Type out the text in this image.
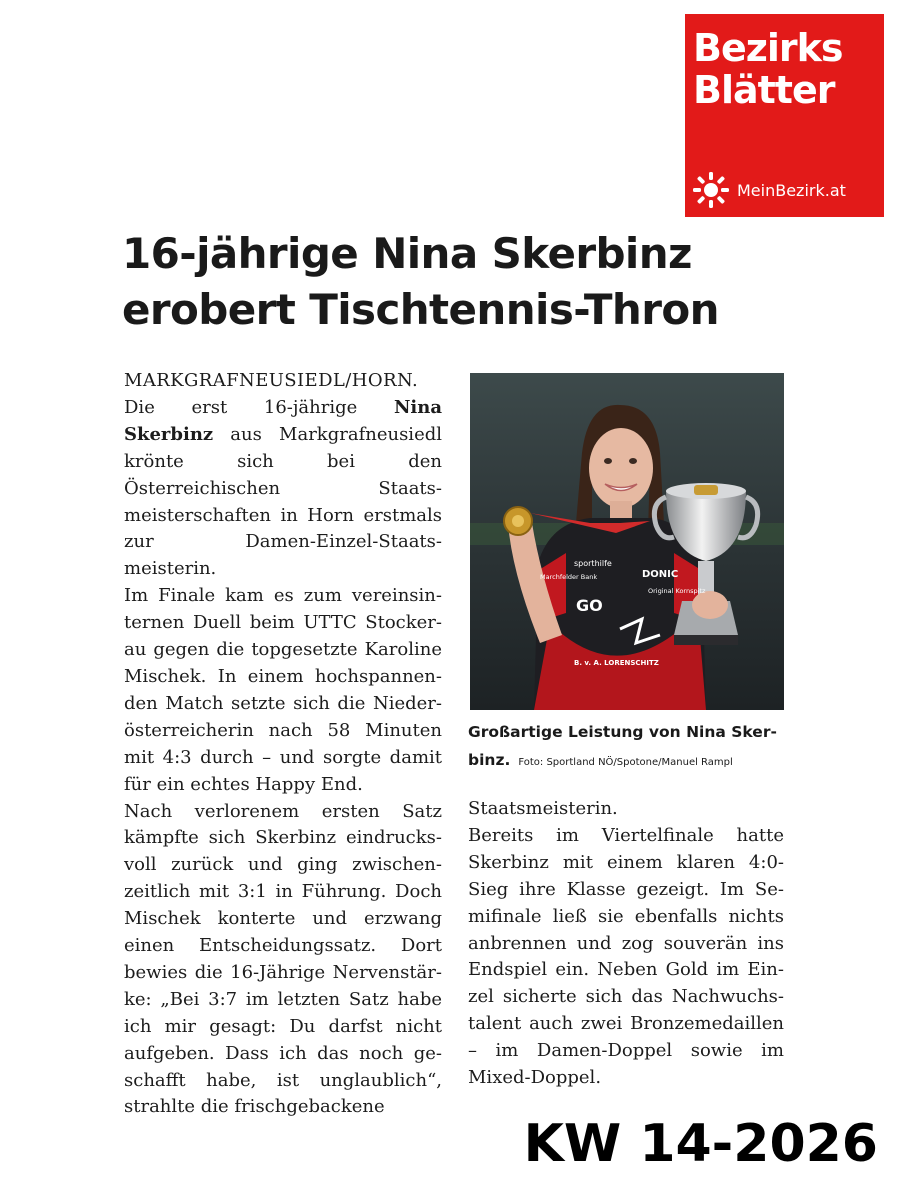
Bezirks
Blätter
MeinBezirk.at
16-jährige Nina Skerbinz
erobert Tischtennis-Thron

MARKGRAFNEUSIEDL/HORN.

Die erst 16-jährige Nina Skerbinz aus Markgrafneusiedl krönte sich bei den Österreichischen Staatsmeisterschaften in Horn erstmals zur Damen-Einzel-Staatsmeisterin.

Im Finale kam es zum vereinsinternen Duell beim UTTC Stockerau gegen die topgesetzte Karoline Mischek. In einem hochspannenden Match setzte sich die Niederösterreicherin nach 58 Minuten mit 4:3 durch – und sorgte damit für ein echtes Happy End.

Nach verlorenem ersten Satz kämpfte sich Skerbinz eindrucksvoll zurück und ging zwischenzeitlich mit 3:1 in Führung. Doch Mischek konterte und erzwang einen Entscheidungssatz. Dort bewies die 16-Jährige Nervenstärke: „Bei 3:7 im letzten Satz habe ich mir gesagt: Du darfst nicht aufgeben. Dass ich das noch geschafft habe, ist unglaublich“, strahlte die frischgebackene

sporthilfe
Marchfelder Bank	DONIC
Original Kornspitz
GO
B. v. A. LORENSCHITZ
Großartige Leistung von Nina Skerbinz. Foto: Sportland NÖ/Spotone/Manuel Rampl

Staatsmeisterin.

Bereits im Viertelfinale hatte Skerbinz mit einem klaren 4:0-Sieg ihre Klasse gezeigt. Im Semifinale ließ sie ebenfalls nichts anbrennen und zog souverän ins Endspiel ein. Neben Gold im Einzel sicherte sich das Nachwuchstalent auch zwei Bronzemedaillen – im Damen-Doppel sowie im Mixed-Doppel.

KW 14-2026
